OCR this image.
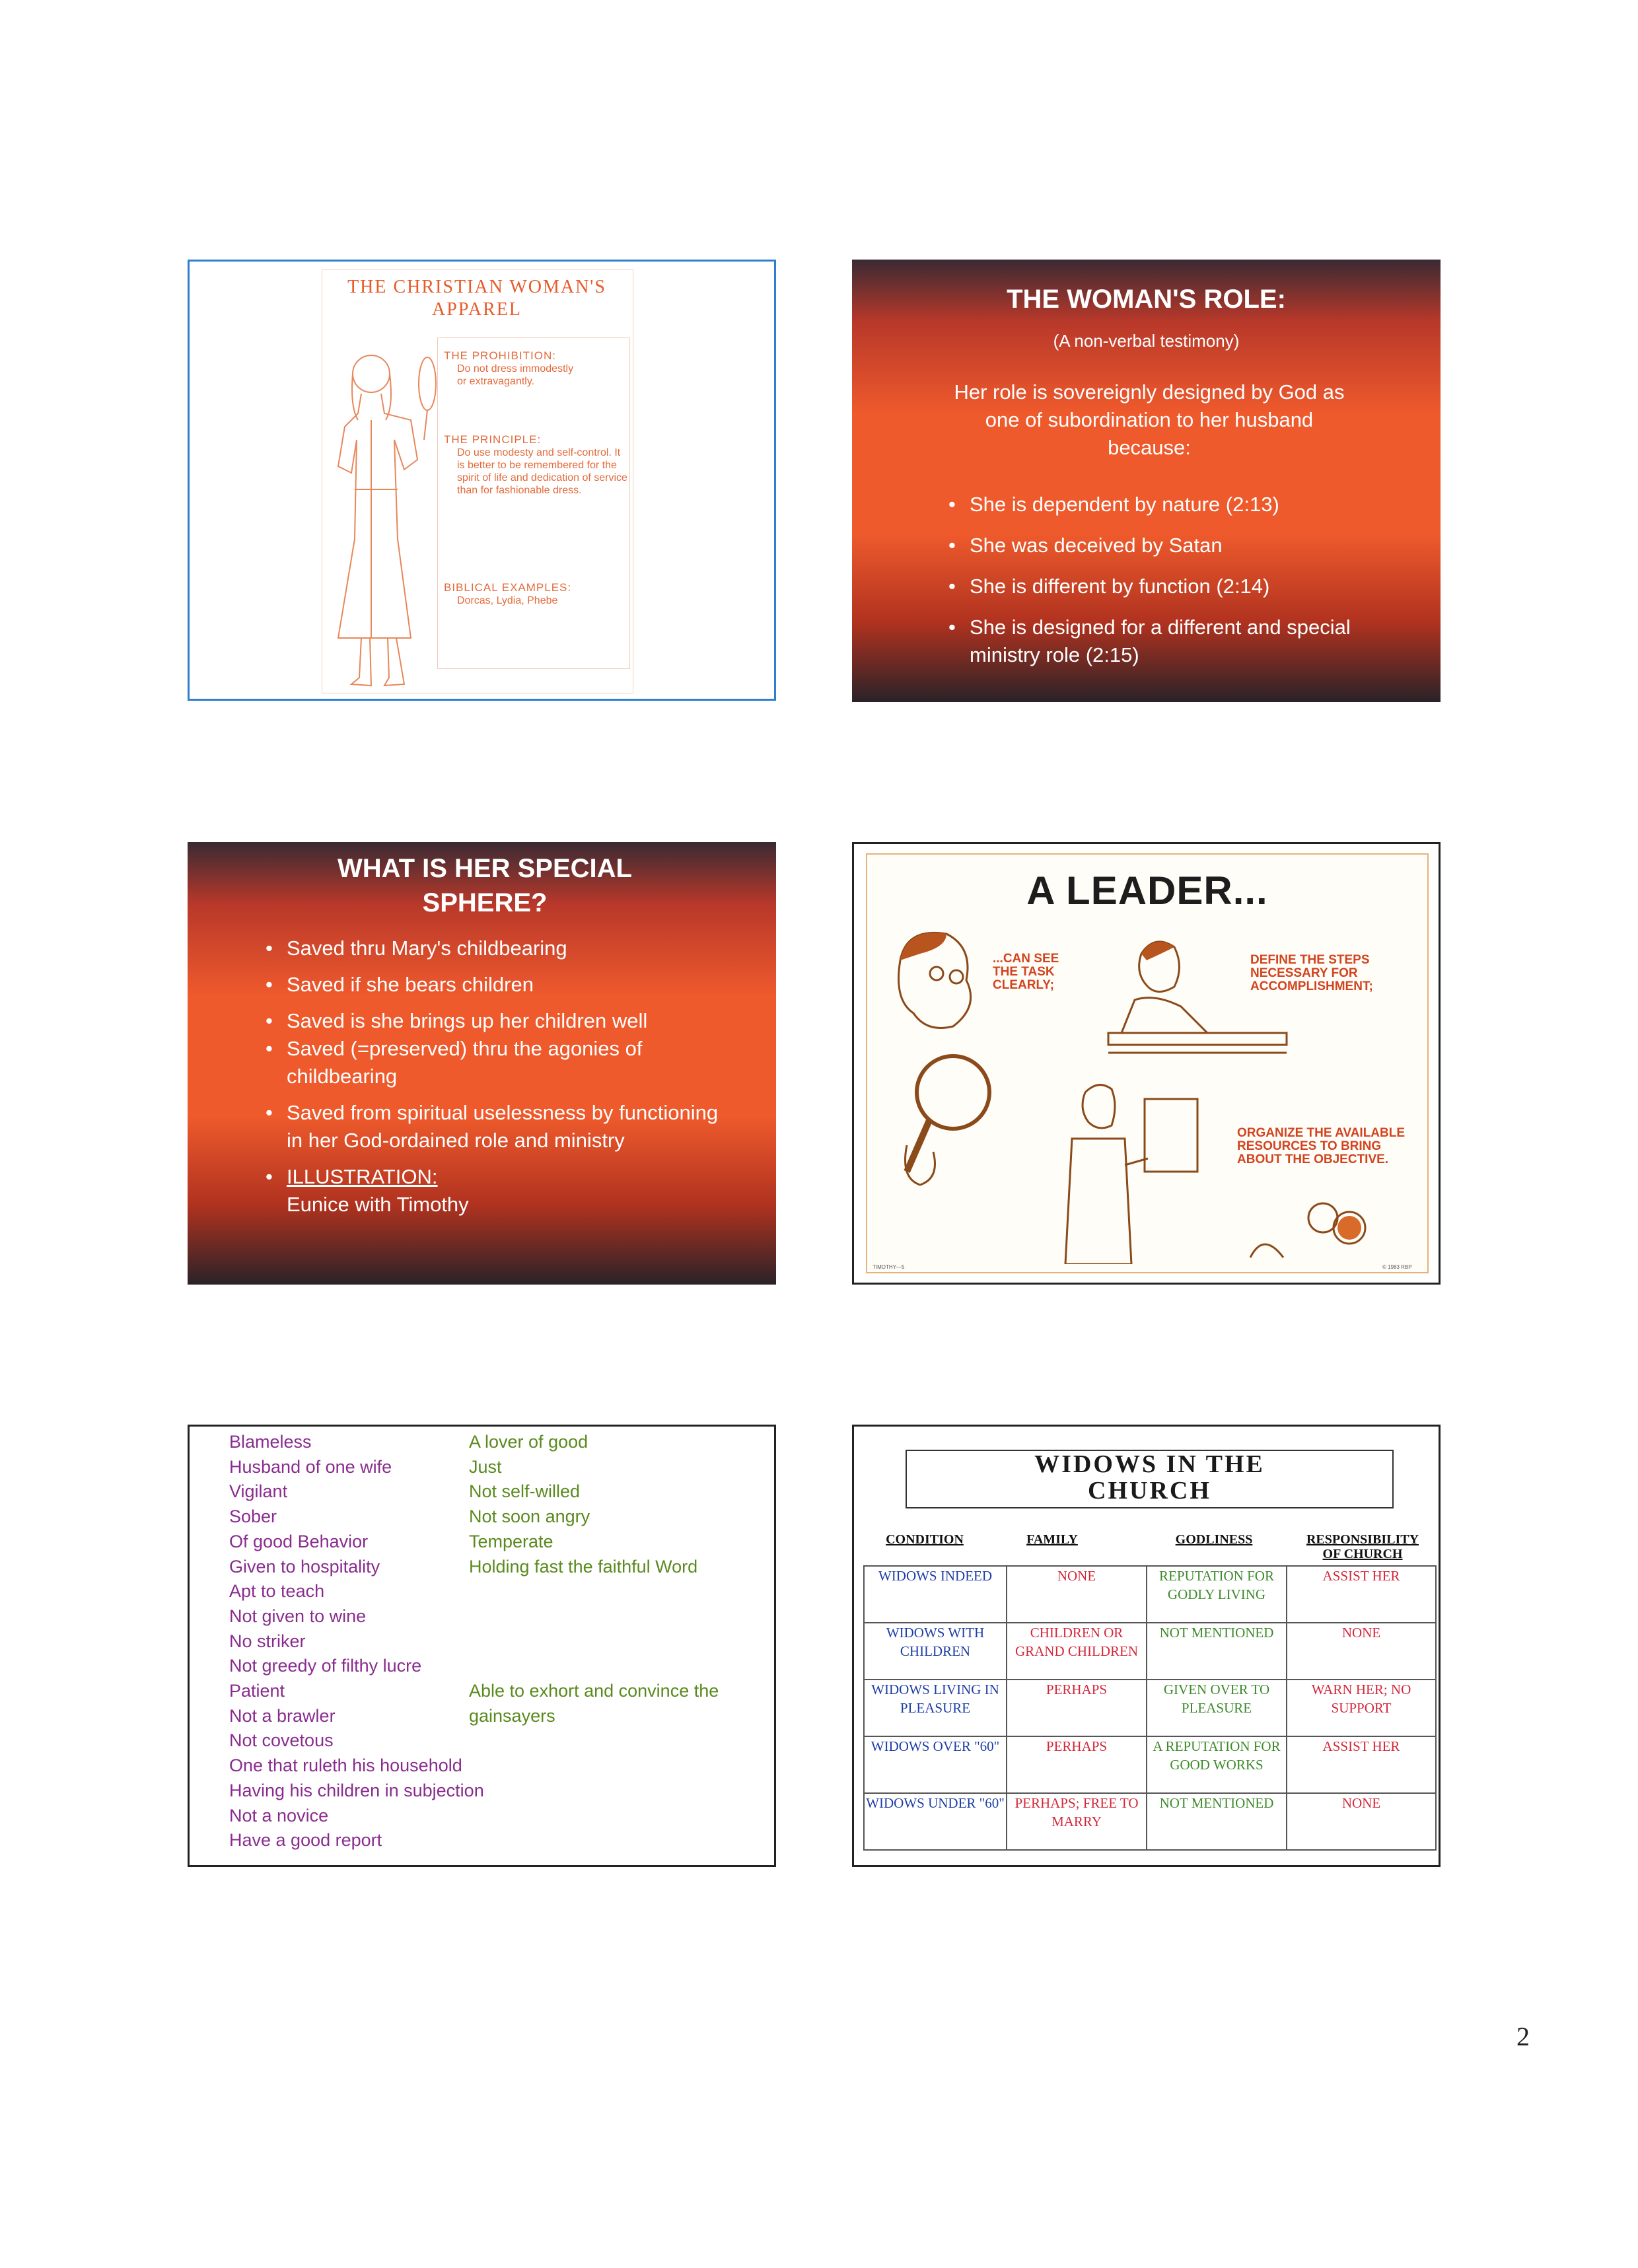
THE CHRISTIAN WOMAN'S
APPAREL
THE PROHIBITION:
Do not dress immodestly or extravagantly.
THE PRINCIPLE:
Do use modesty and self-control. It is better to be remembered for the spirit of life and dedication of service than for fashionable dress.
BIBLICAL EXAMPLES:
Dorcas, Lydia, Phebe
THE WOMAN'S ROLE:
(A non-verbal testimony)
Her role is sovereignly designed by God as one of subordination to her husband because:
• She is dependent by nature (2:13)
• She was deceived by Satan
• She is different by function (2:14)
• She is designed for a different and special ministry role (2:15)
WHAT IS HER SPECIAL SPHERE?
• Saved thru Mary's childbearing
• Saved if she bears children
• Saved is she brings up her children well
• Saved (=preserved) thru the agonies of childbearing
• Saved from spiritual uselessness by functioning in her God-ordained role and ministry
• ILLUSTRATION:
Eunice with Timothy
A LEADER...
...CAN SEE THE TASK CLEARLY;
DEFINE THE STEPS NECESSARY FOR ACCOMPLISHMENT;
ORGANIZE THE AVAILABLE RESOURCES TO BRING ABOUT THE OBJECTIVE.
TIMOTHY—5	© 1983 RBP
Blameless
Husband of one wife
Vigilant
Sober
Of good Behavior
Given to hospitality
Apt to teach
Not given to wine
No striker
Not greedy of filthy lucre
Patient
Not a brawler
Not covetous
One that ruleth his household
Having his children in subjection
Not a novice
Have a good report
A lover of good
Just
Not self-willed
Not soon angry
Temperate
Holding fast the faithful Word

Able to exhort and convince the
gainsayers
WIDOWS IN THE
CHURCH
CONDITION	FAMILY	GODLINESS	RESPONSIBILITY
OF CHURCH
WIDOWS INDEED	NONE	REPUTATION FOR GODLY LIVING	ASSIST HER
WIDOWS WITH CHILDREN	CHILDREN OR GRAND CHILDREN	NOT MENTIONED	NONE
WIDOWS LIVING IN PLEASURE	PERHAPS	GIVEN OVER TO PLEASURE	WARN HER; NO SUPPORT
WIDOWS OVER "60"	PERHAPS	A REPUTATION FOR GOOD WORKS	ASSIST HER
WIDOWS UNDER "60"	PERHAPS; FREE TO MARRY	NOT MENTIONED	NONE
2
